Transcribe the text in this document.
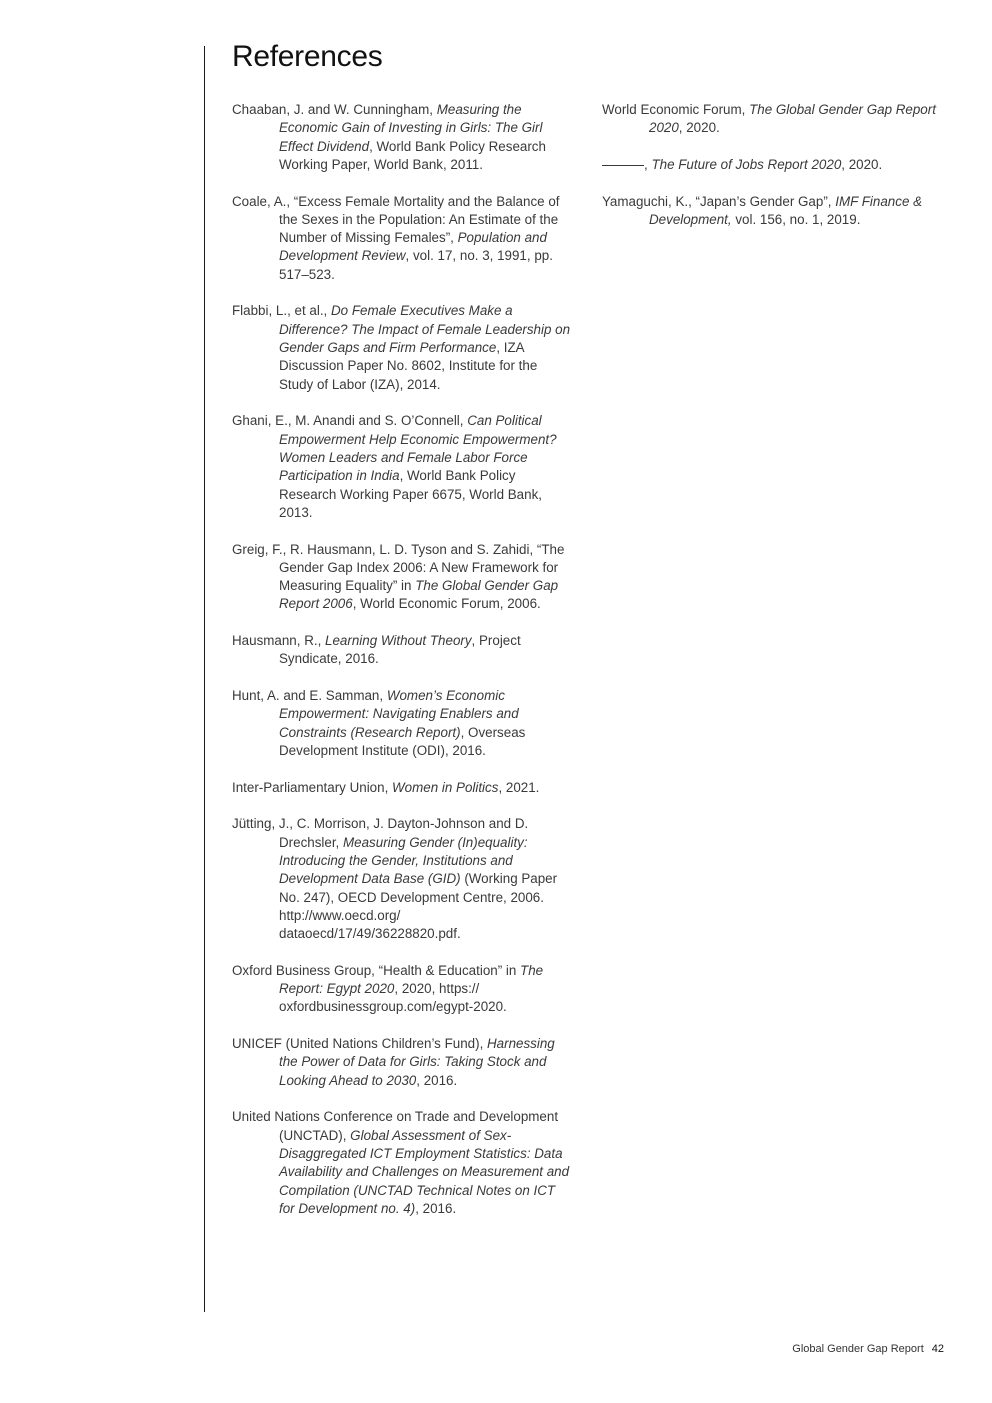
References

Chaaban, J. and W. Cunningham, Measuring the Economic Gain of Investing in Girls: The Girl Effect Dividend, World Bank Policy Research Working Paper, World Bank, 2011.

Coale, A., “Excess Female Mortality and the Balance of the Sexes in the Population: An Estimate of the Number of Missing Females”, Population and Development Review, vol. 17, no. 3, 1991, pp. 517–523.

Flabbi, L., et al., Do Female Executives Make a Difference? The Impact of Female Leadership on Gender Gaps and Firm Performance, IZA Discussion Paper No. 8602, Institute for the Study of Labor (IZA), 2014.

Ghani, E., M. Anandi and S. O’Connell, Can Political Empowerment Help Economic Empowerment? Women Leaders and Female Labor Force Participation in India, World Bank Policy Research Working Paper 6675, World Bank, 2013.

Greig, F., R. Hausmann, L. D. Tyson and S. Zahidi, “The Gender Gap Index 2006: A New Framework for Measuring Equality” in The Global Gender Gap Report 2006, World Economic Forum, 2006.

Hausmann, R., Learning Without Theory, Project Syndicate, 2016.

Hunt, A. and E. Samman, Women’s Economic Empowerment: Navigating Enablers and Constraints (Research Report), Overseas Development Institute (ODI), 2016.

Inter-Parliamentary Union, Women in Politics, 2021.

Jütting, J., C. Morrison, J. Dayton-Johnson and D. Drechsler, Measuring Gender (In)equality: Introducing the Gender, Institutions and Development Data Base (GID) (Working Paper No. 247), OECD Development Centre, 2006. http://www.oecd.org/ dataoecd/17/49/36228820.pdf.

Oxford Business Group, “Health & Education” in The Report: Egypt 2020, 2020, https:// oxfordbusinessgroup.com/egypt-2020.

UNICEF (United Nations Children’s Fund), Harnessing the Power of Data for Girls: Taking Stock and Looking Ahead to 2030, 2016.

United Nations Conference on Trade and Development (UNCTAD), Global Assessment of Sex-Disaggregated ICT Employment Statistics: Data Availability and Challenges on Measurement and Compilation (UNCTAD Technical Notes on ICT for Development no. 4), 2016.

World Economic Forum, The Global Gender Gap Report 2020, 2020.

, The Future of Jobs Report 2020, 2020.

Yamaguchi, K., “Japan’s Gender Gap”, IMF Finance & Development, vol. 156, no. 1, 2019.

Global Gender Gap Report 42
